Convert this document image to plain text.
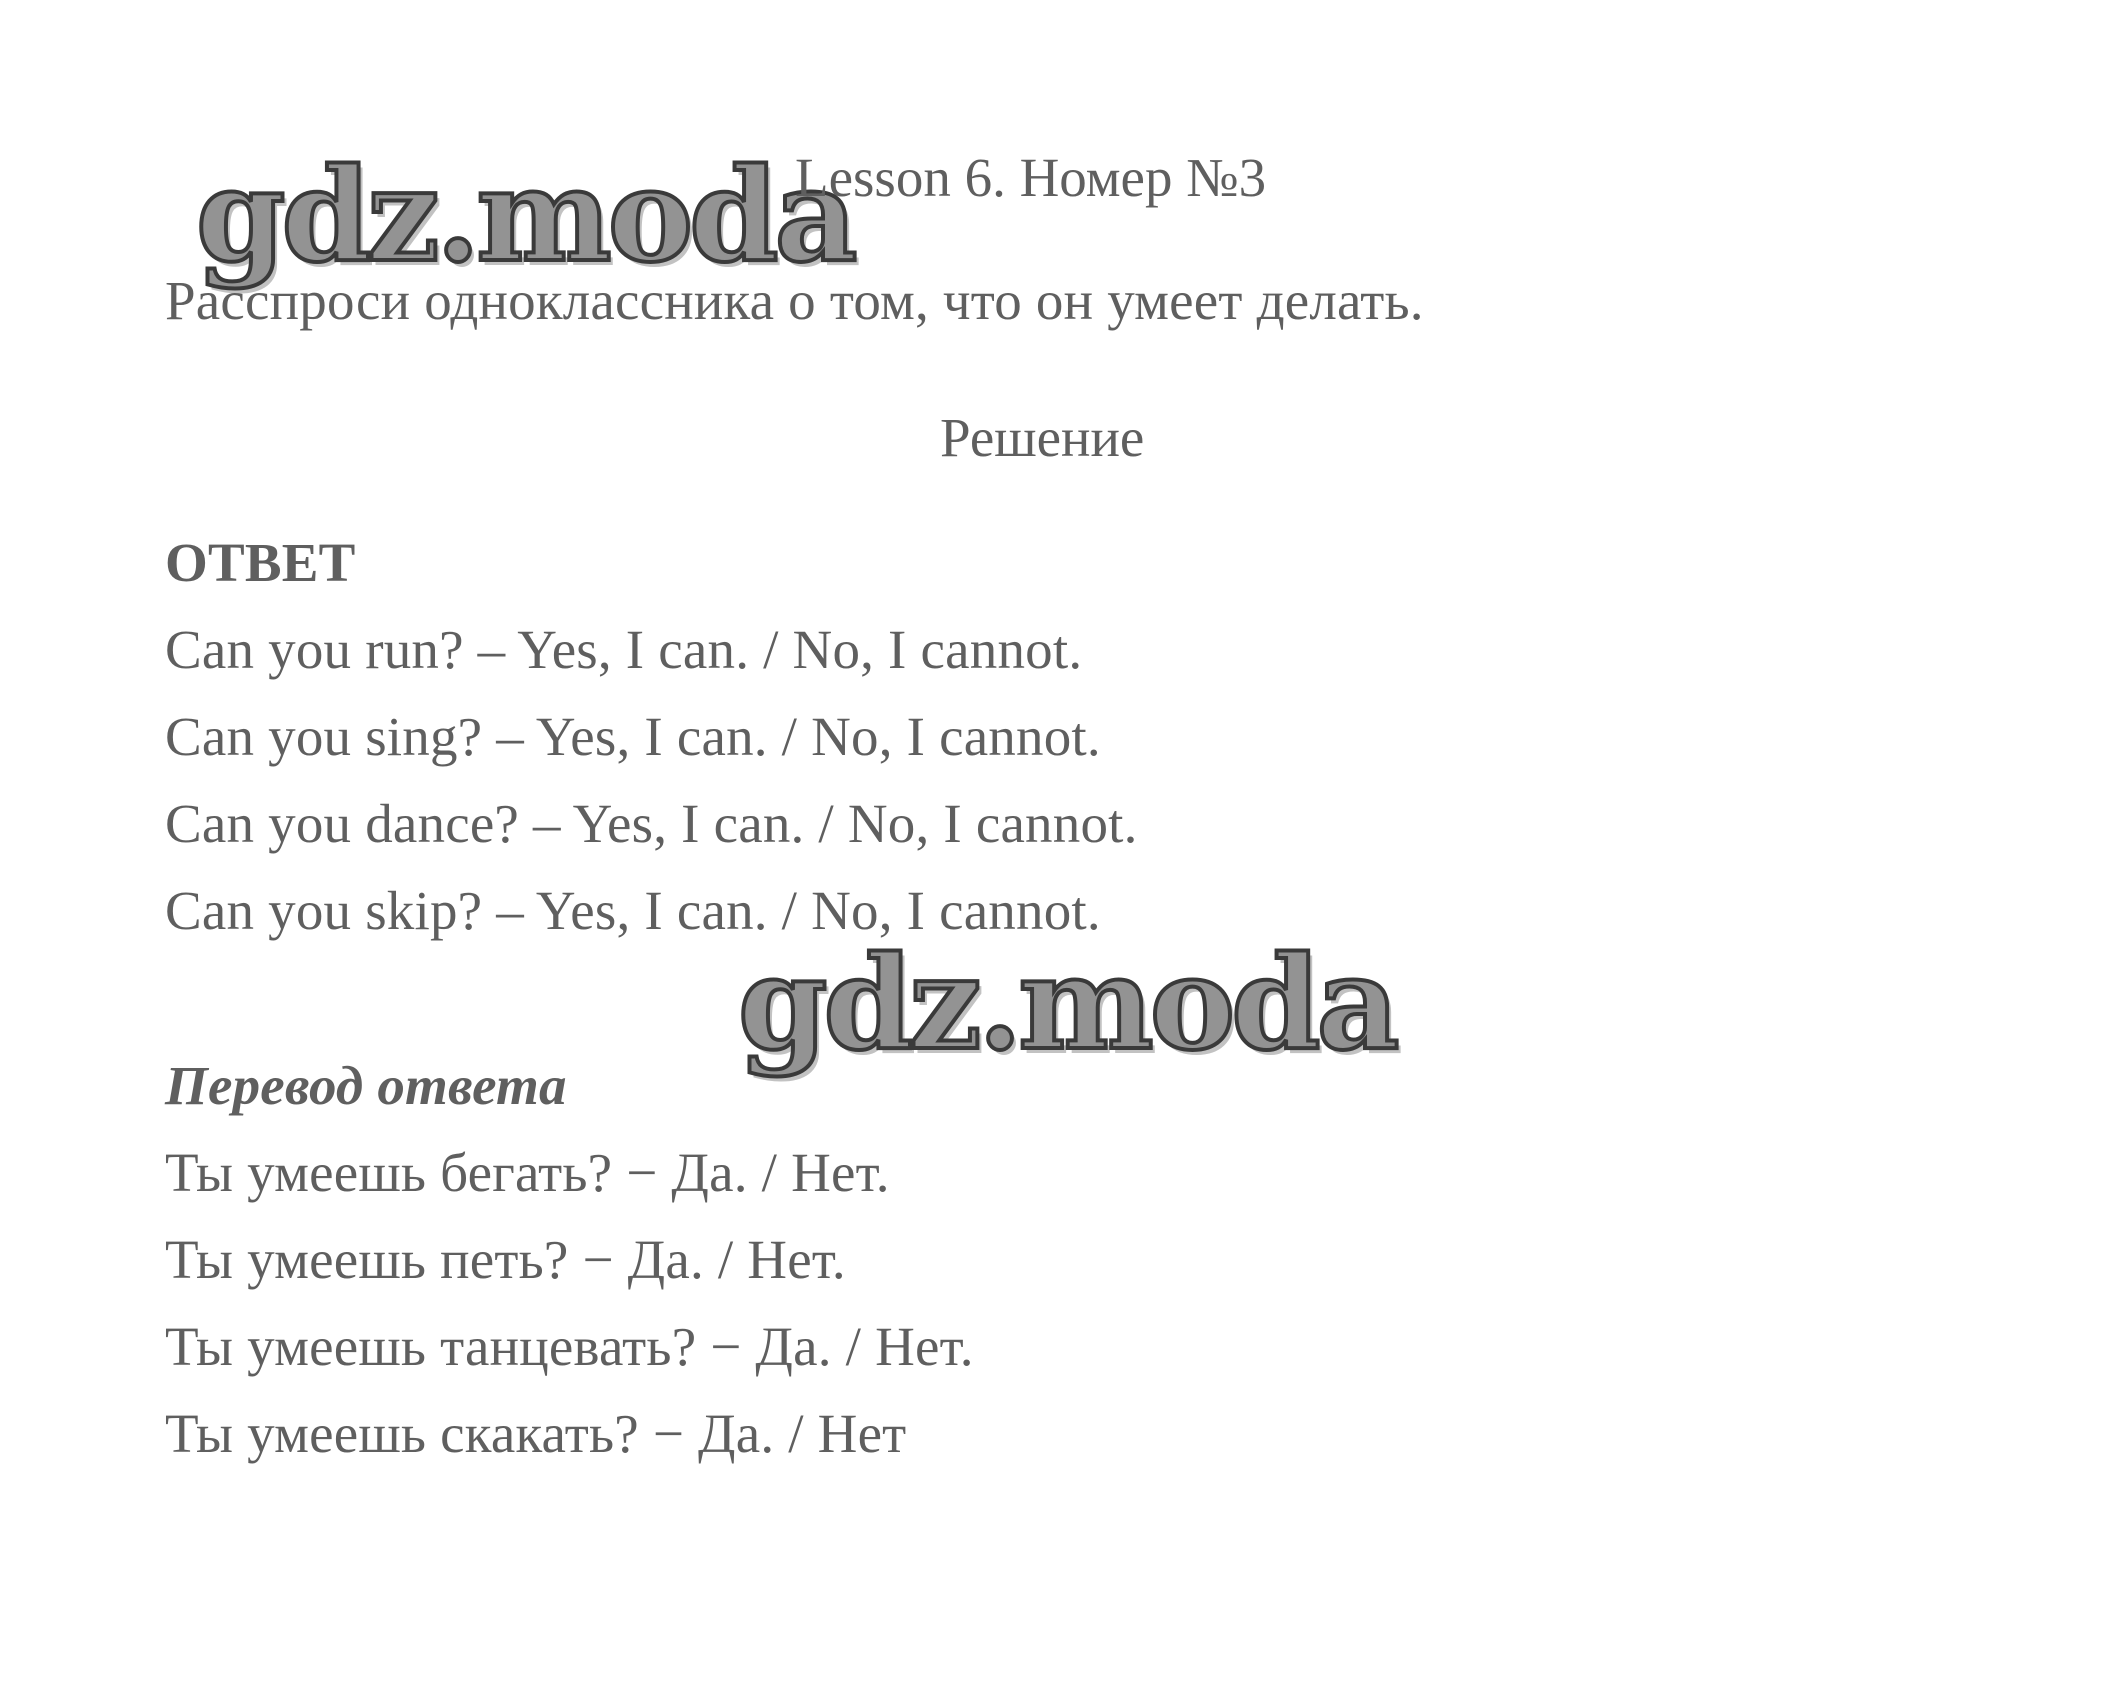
gdz.moda
Lesson 6. Номер №3
Расспроси одноклассника о том, что он умеет делать.
Решение
ОТВЕТ
Can you run? – Yes, I can. / No, I cannot.
Can you sing? – Yes, I can. / No, I cannot.
Can you dance? – Yes, I can. / No, I cannot.
Can you skip? – Yes, I can. / No, I cannot.
gdz.moda
Перевод ответа
Ты умеешь бегать? − Да. / Нет.
Ты умеешь петь? − Да. / Нет.
Ты умеешь танцевать? − Да. / Нет.
Ты умеешь скакать? − Да. / Нет
